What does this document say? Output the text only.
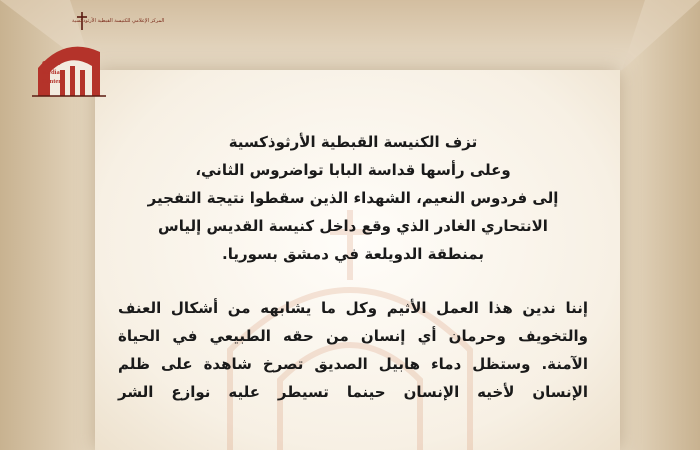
المركز الإعلامي للكنيسة القبطية الأرثوذكسية
Coptic
Media
Center

تزف الكنيسة القبطية الأرثوذكسية

وعلى رأسها قداسة البابا تواضروس الثاني،

إلى فردوس النعيم، الشهداء الذين سقطوا نتيجة التفجير

الانتحاري الغادر الذي وقع داخل كنيسة القديس إلياس

بمنطقة الدويلعة في دمشق بسوريا.

إننا ندين هذا العمل الأثيم وكل ما يشابهه من أشكال العنف

والتخويف وحرمان أي إنسان من حقه الطبيعي في الحياة

الآمنة. وستظل دماء هابيل الصديق تصرخ شاهدة على ظلم

الإنسان لأخيه الإنسان حينما تسيطر عليه نوازع الشر
